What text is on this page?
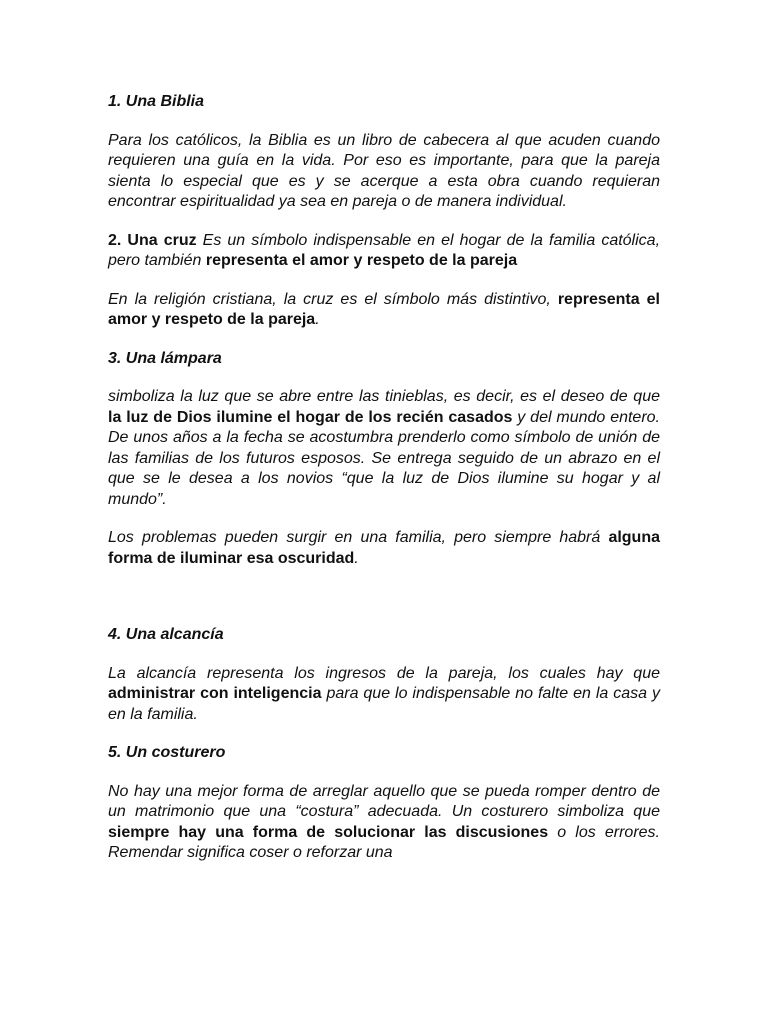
1. Una Biblia

Para los católicos, la Biblia es un libro de cabecera al que acuden cuando requieren una guía en la vida. Por eso es importante, para que la pareja sienta lo especial que es y se acerque a esta obra cuando requieran encontrar espiritualidad ya sea en pareja o de manera individual.

2. Una cruz Es un símbolo indispensable en el hogar de la familia católica, pero también representa el amor y respeto de la pareja

En la religión cristiana, la cruz es el símbolo más distintivo, representa el amor y respeto de la pareja.

3. Una lámpara

simboliza la luz que se abre entre las tinieblas, es decir, es el deseo de que la luz de Dios ilumine el hogar de los recién casados y del mundo entero. De unos años a la fecha se acostumbra prenderlo como símbolo de unión de las familias de los futuros esposos. Se entrega seguido de un abrazo en el que se le desea a los novios “que la luz de Dios ilumine su hogar y al mundo”.

Los problemas pueden surgir en una familia, pero siempre habrá alguna forma de iluminar esa oscuridad.

4. Una alcancía

La alcancía representa los ingresos de la pareja, los cuales hay que administrar con inteligencia para que lo indispensable no falte en la casa y en la familia.

5. Un costurero

No hay una mejor forma de arreglar aquello que se pueda romper dentro de un matrimonio que una “costura” adecuada. Un costurero simboliza que siempre hay una forma de solucionar las discusiones o los errores. Remendar significa coser o reforzar una
